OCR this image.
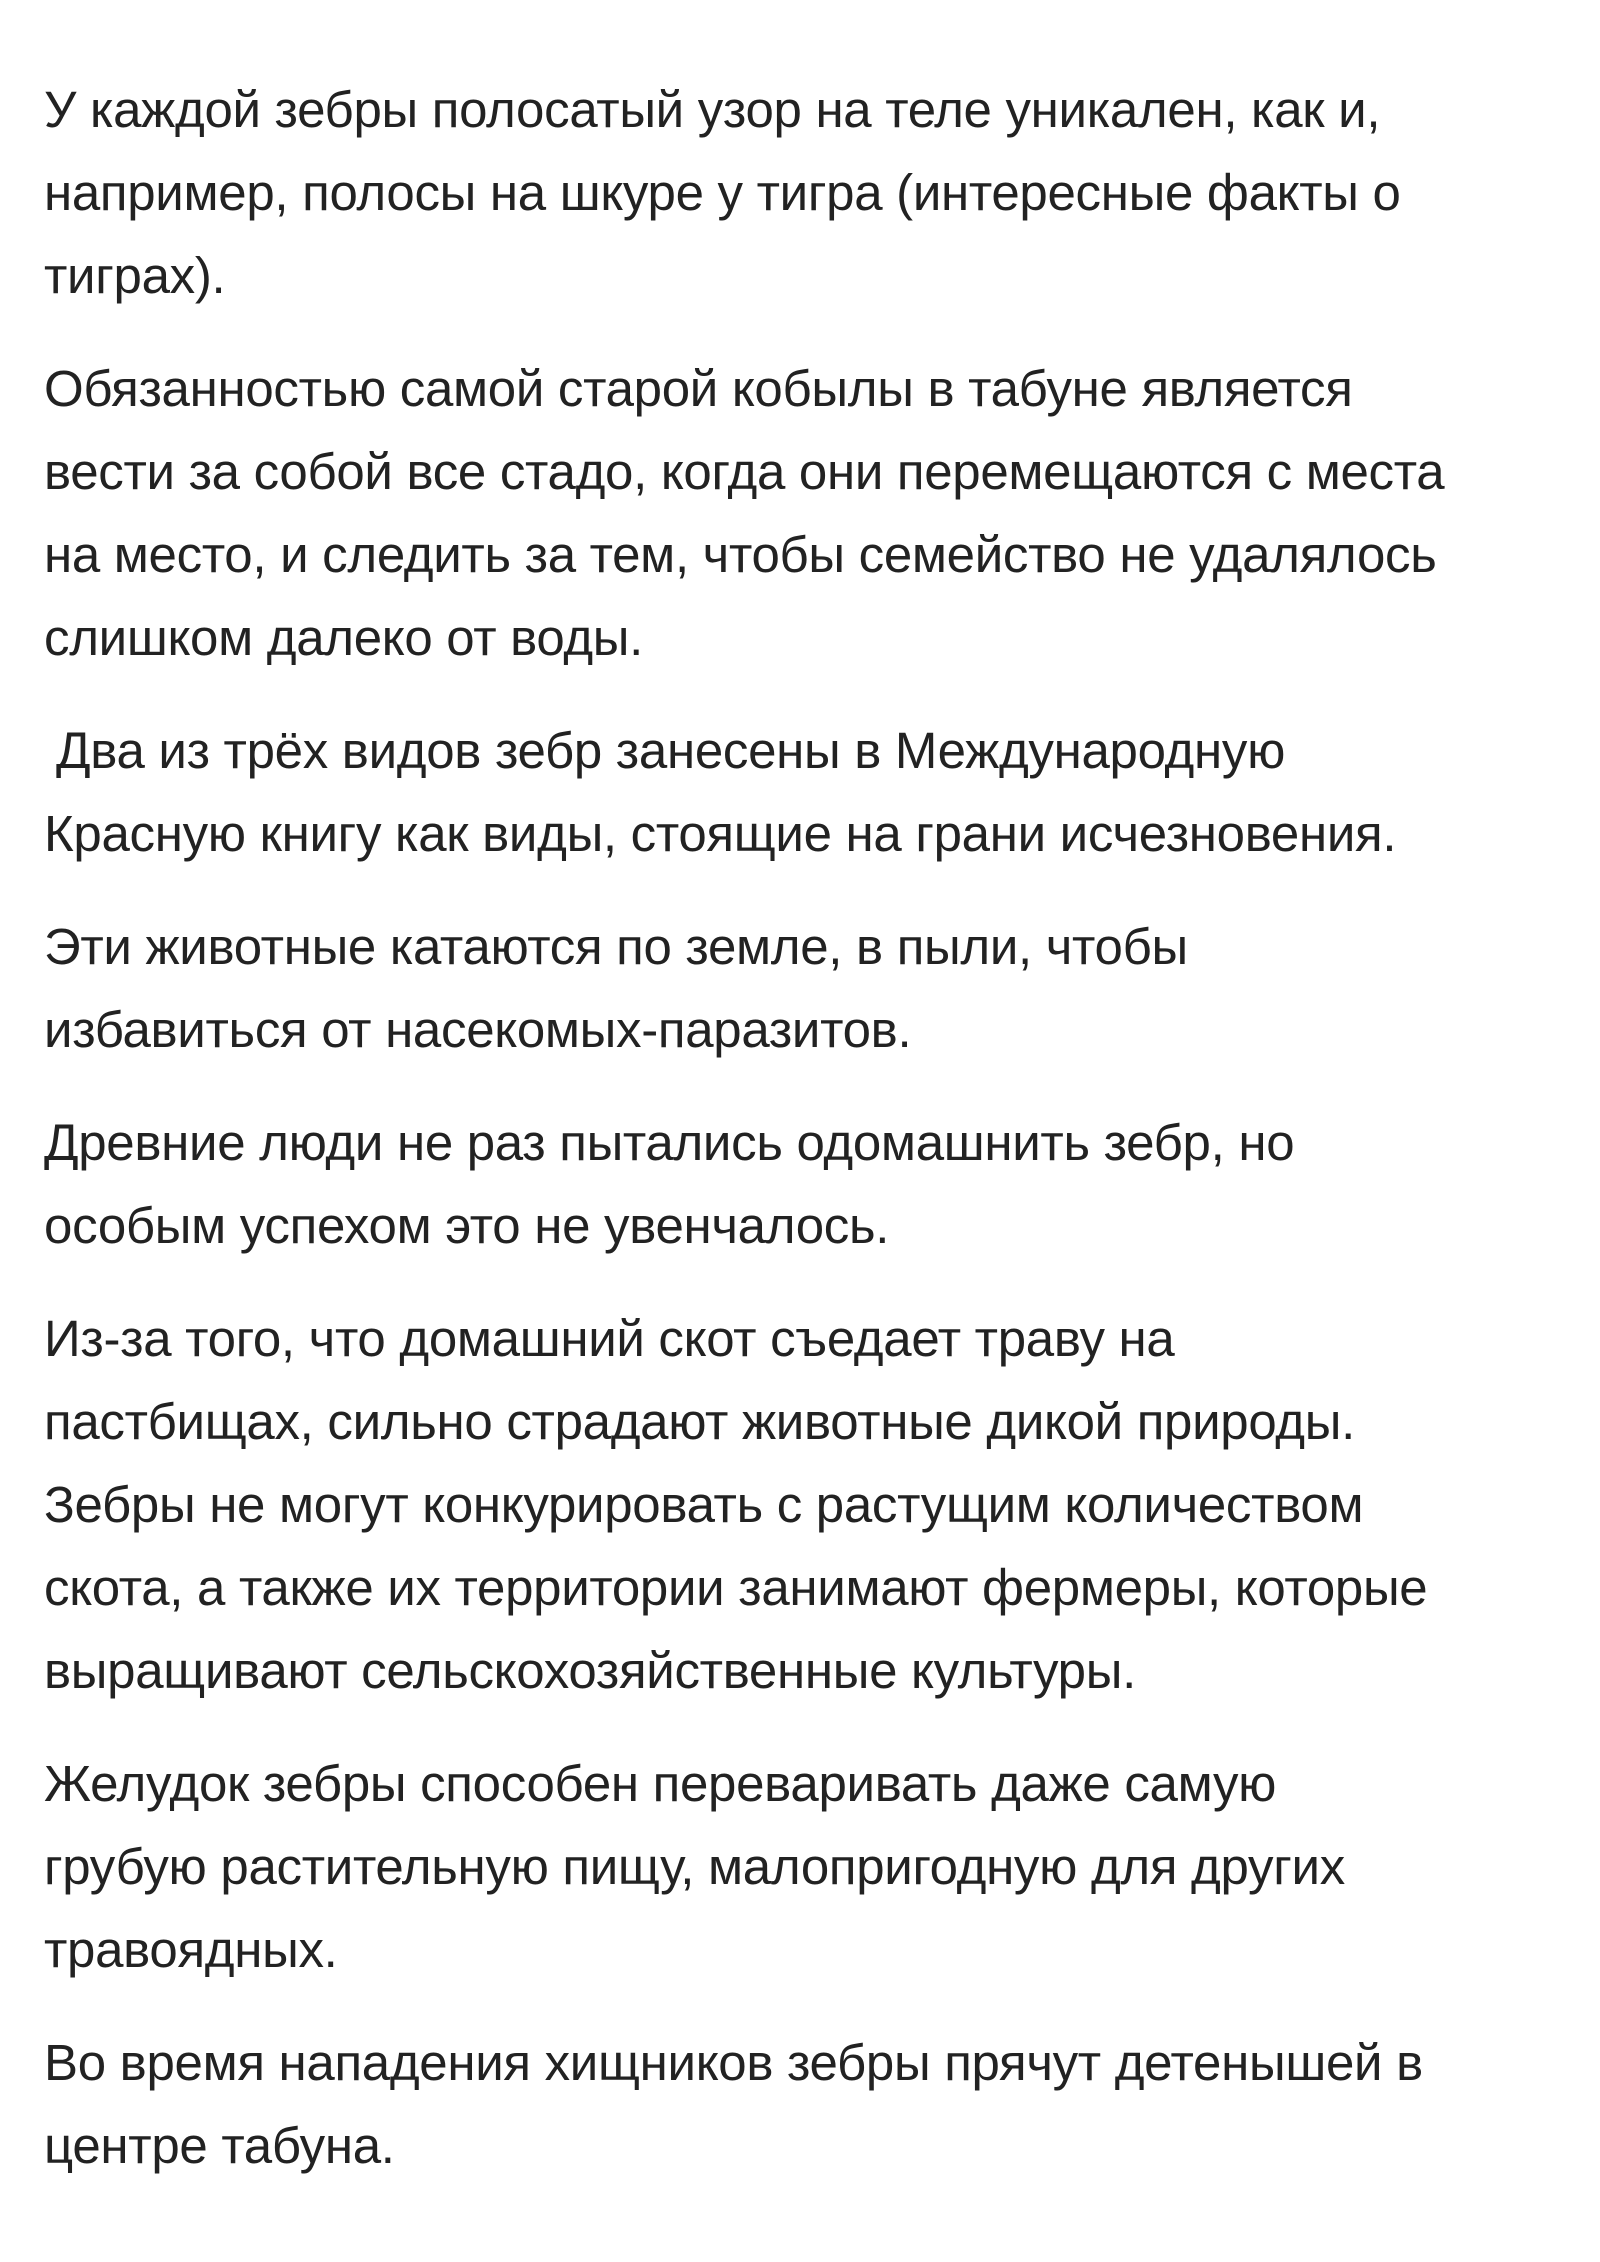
У каждой зебры полосатый узор на теле уникален, как и,
например, полосы на шкуре у тигра (интересные факты о
тиграх).

Обязанностью самой старой кобылы в табуне является
вести за собой все стадо, когда они перемещаются с места
на место, и следить за тем, чтобы семейство не удалялось
слишком далеко от воды.

Два из трёх видов зебр занесены в Международную
Красную книгу как виды, стоящие на грани исчезновения.

Эти животные катаются по земле, в пыли, чтобы
избавиться от насекомых-паразитов.

Древние люди не раз пытались одомашнить зебр, но
особым успехом это не увенчалось.

Из-за того, что домашний скот съедает траву на
пастбищах, сильно страдают животные дикой природы.
Зебры не могут конкурировать с растущим количеством
скота, а также их территории занимают фермеры, которые
выращивают сельскохозяйственные культуры.

Желудок зебры способен переваривать даже самую
грубую растительную пищу, малопригодную для других
травоядных.

Во время нападения хищников зебры прячут детенышей в
центре табуна.
